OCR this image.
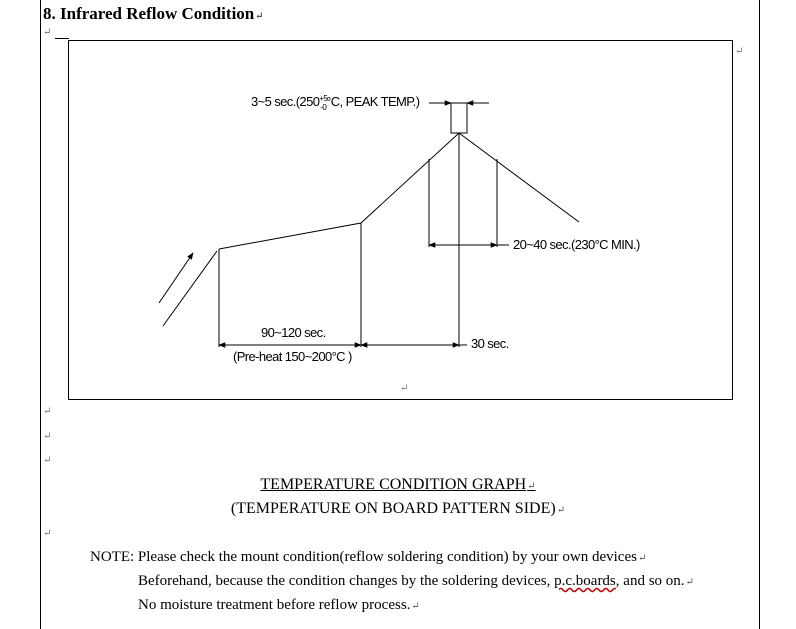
8. Infrared Reflow Condition↵
↵
↵
3~5 $\sec.(250^{+5}$ -0°C, PEAK TEMP.)
20~40 sec.(230°C MIN.)
90~120 sec.
(Pre-heat 150~200°C )
30 sec.
↵
↵
↵
↵
TEMPERATURE CONDITION GRAPH↵
(TEMPERATURE ON BOARD PATTERN SIDE)↵
↵
NOTE: Please check the mount condition(reflow soldering condition) by your own devices↵
Beforehand, because the condition changes by the soldering devices, p.c.boards, and so on.↵
No moisture treatment before reflow process.↵
